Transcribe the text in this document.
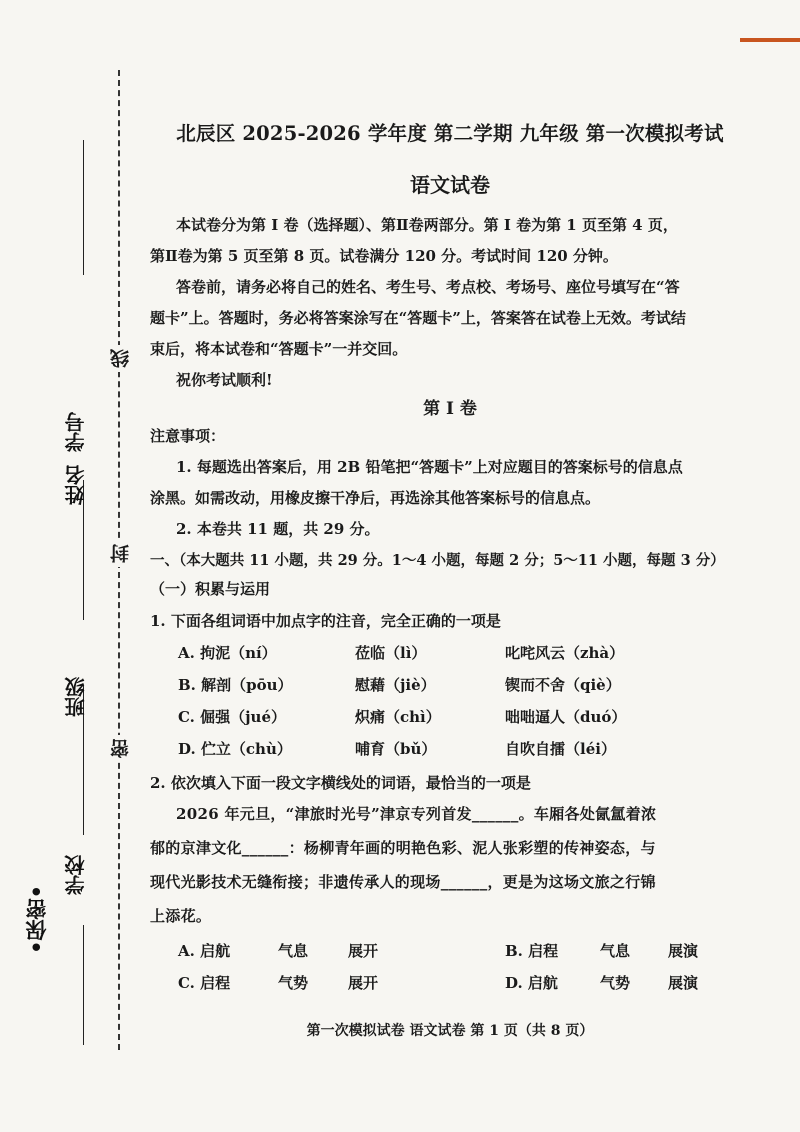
学号
姓名
班级
学校
线
封
密
•保密•
北辰区 2025-2026 学年度 第二学期 九年级 第一次模拟考试
语文试卷
本试卷分为第 Ⅰ 卷（选择题）、第Ⅱ卷两部分。第 Ⅰ 卷为第 1 页至第 4 页，
第Ⅱ卷为第 5 页至第 8 页。试卷满分 120 分。考试时间 120 分钟。
答卷前，请务必将自己的姓名、考生号、考点校、考场号、座位号填写在“答
题卡”上。答题时，务必将答案涂写在“答题卡”上，答案答在试卷上无效。考试结
束后，将本试卷和“答题卡”一并交回。
祝你考试顺利!
第 Ⅰ 卷
注意事项：
1. 每题选出答案后，用 2B 铅笔把“答题卡”上对应题目的答案标号的信息点
涂黑。如需改动，用橡皮擦干净后，再选涂其他答案标号的信息点。
2. 本卷共 11 题，共 29 分。
一、（本大题共 11 小题，共 29 分。1～4 小题，每题 2 分；5～11 小题，每题 3 分）
（一）积累与运用
1. 下面各组词语中加点字的注音，完全正确的一项是
A. 拘泥（ní）	莅临（lì）	叱咤风云（zhà）
B. 解剖（pōu）	慰藉（jiè）	锲而不舍（qiè）
C. 倔强（jué）	炽痛（chì）	咄咄逼人（duó）
D. 伫立（chù）	哺育（bǔ）	自吹自擂（léi）
2. 依次填入下面一段文字横线处的词语，最恰当的一项是
2026 年元旦，“津旅时光号”津京专列首发______。车厢各处氤氲着浓
郁的京津文化______：杨柳青年画的明艳色彩、泥人张彩塑的传神姿态，与
现代光影技术无缝衔接；非遗传承人的现场______，更是为这场文旅之行锦
上添花。
A. 启航	气息	展开	B. 启程	气息	展演
C. 启程	气势	展开	D. 启航	气势	展演
第一次模拟试卷 语文试卷 第 1 页（共 8 页）
